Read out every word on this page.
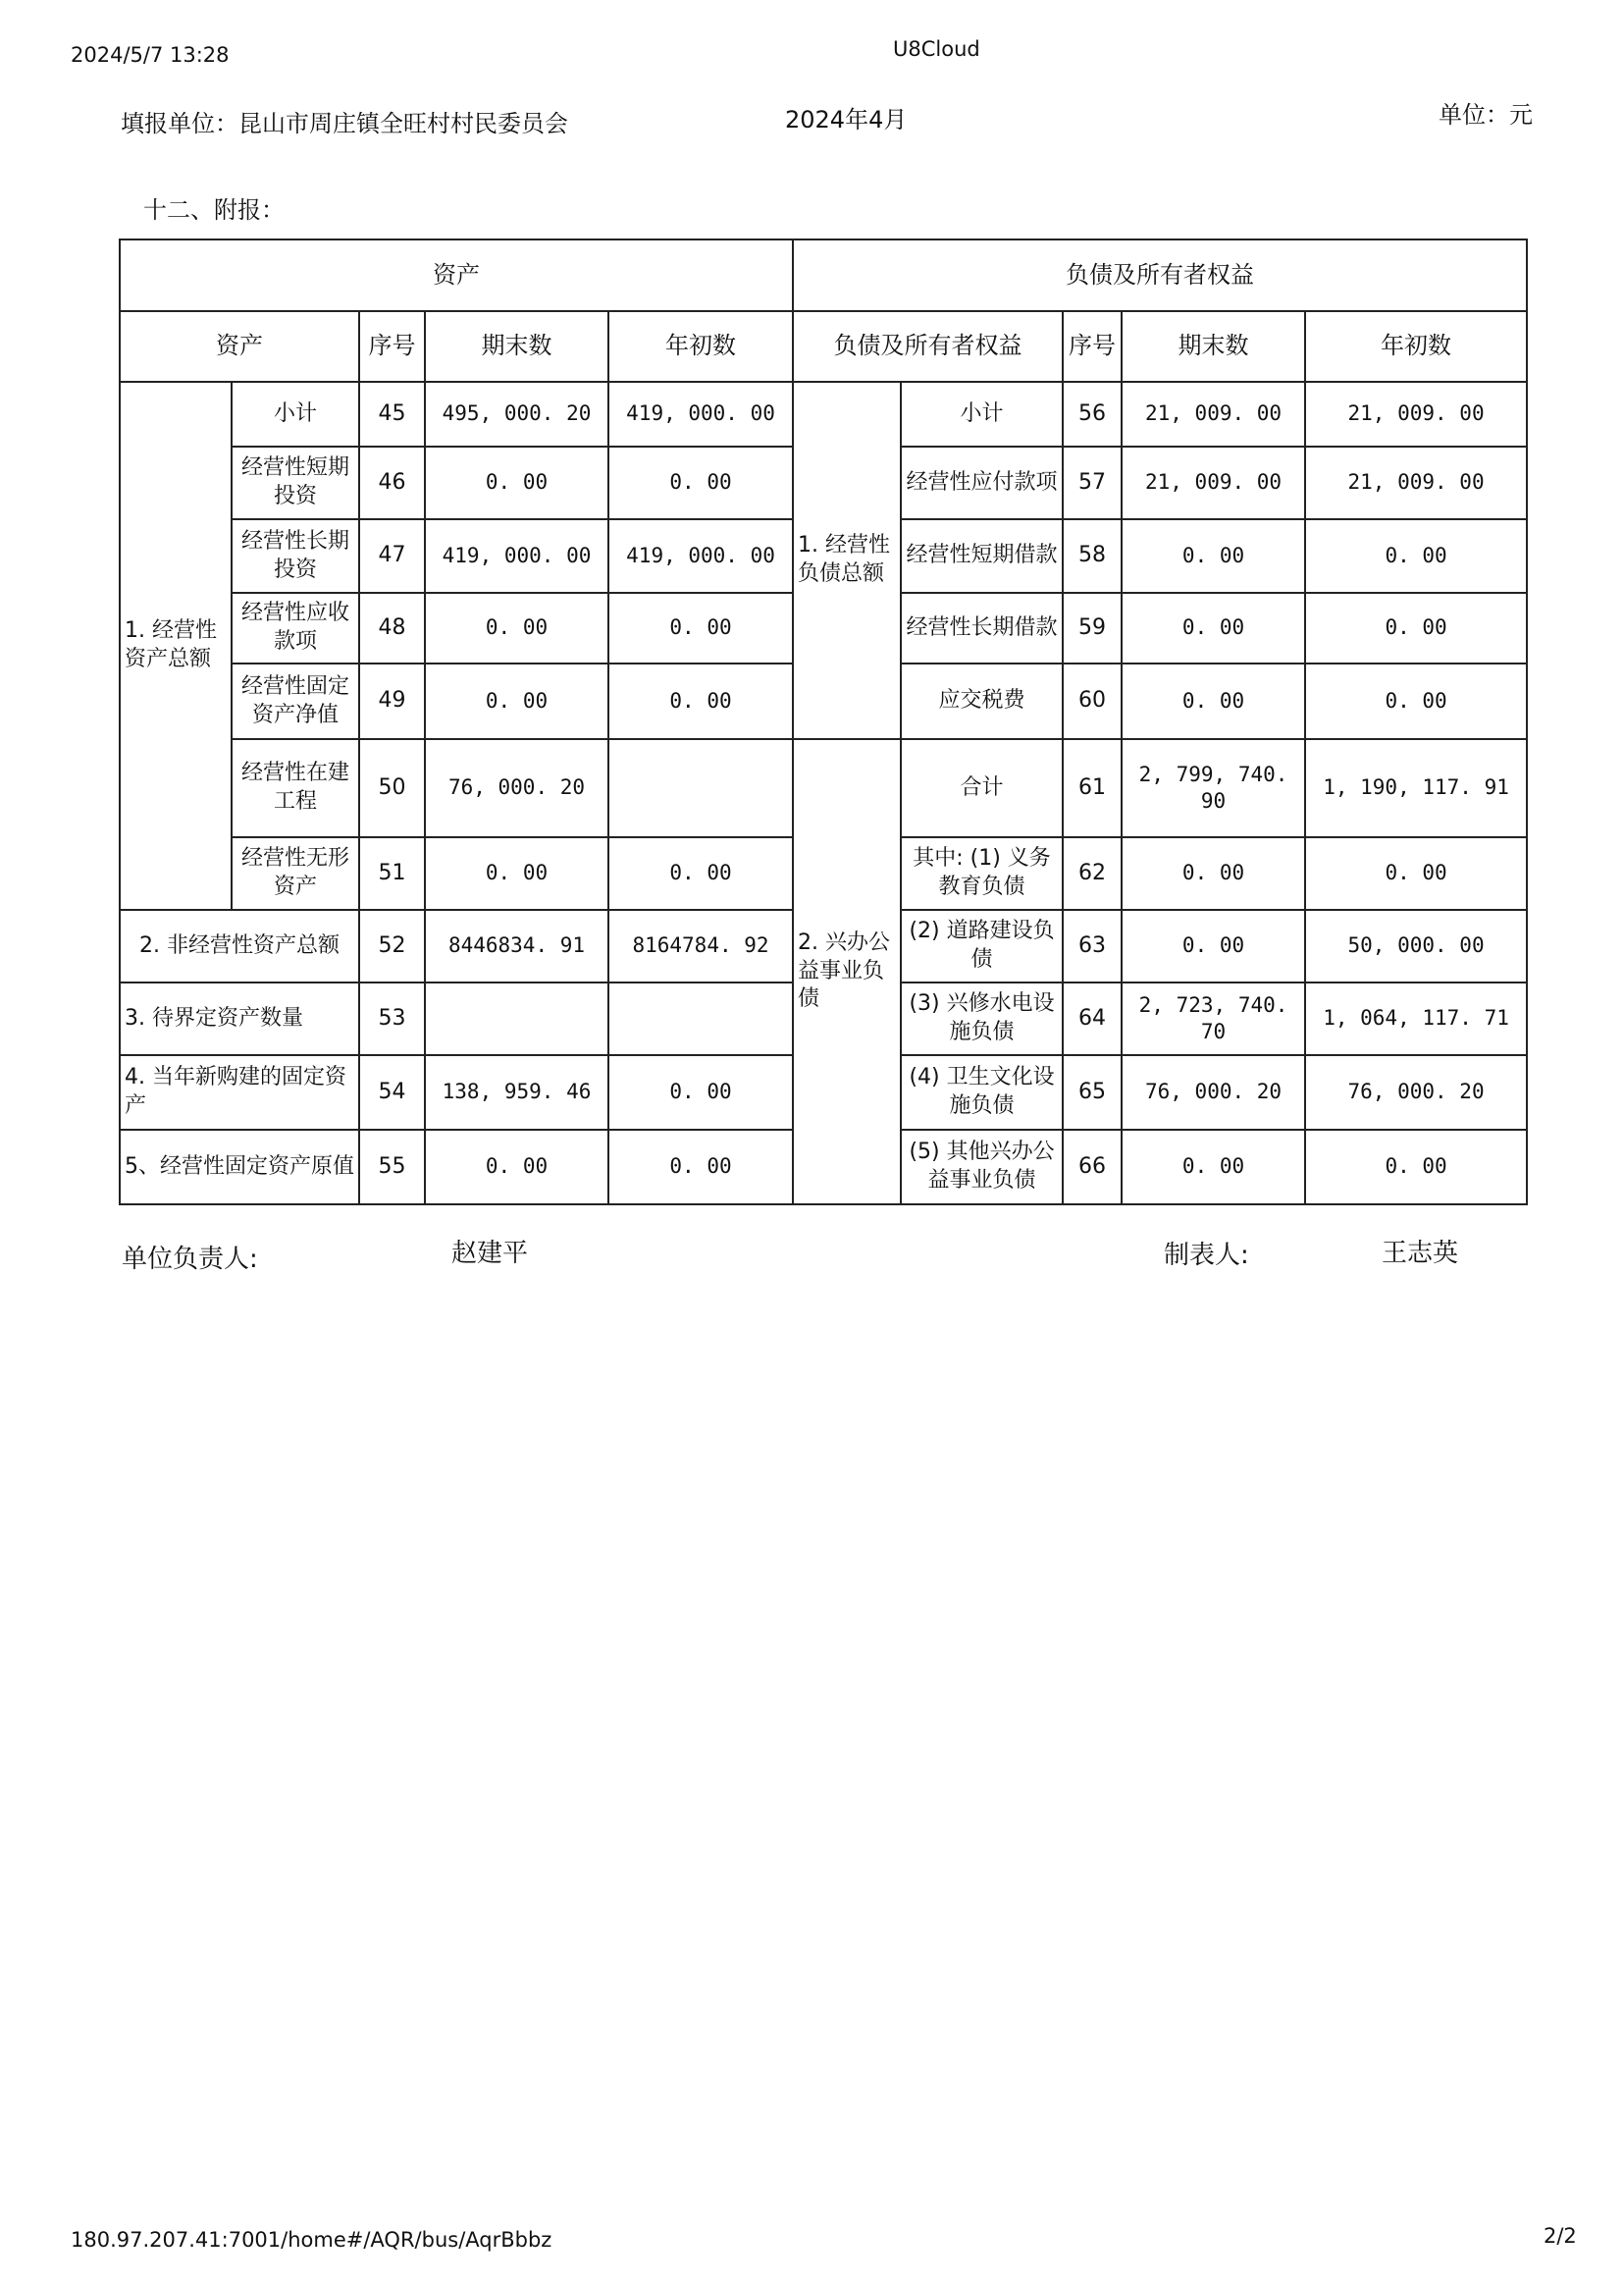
2024/5/7 13:28	U8Cloud
填报单位：昆山市周庄镇全旺村村民委员会	2024年4月	单位：元
十二、附报：
资产					负债及所有者权益				
资产		序号	期末数	年初数	负债及所有者权益		序号	期末数	年初数
1. 经营性资产总额	小计	45	495, 000. 20	419, 000. 00	1. 经营性负债总额	小计	56	21, 009. 00	21, 009. 00
	经营性短期投资	46	0. 00	0. 00		经营性应付款项	57	21, 009. 00	21, 009. 00
	经营性长期投资	47	419, 000. 00	419, 000. 00		经营性短期借款	58	0. 00	0. 00
	经营性应收款项	48	0. 00	0. 00		经营性长期借款	59	0. 00	0. 00
	经营性固定资产净值	49	0. 00	0. 00		应交税费	60	0. 00	0. 00
	经营性在建工程	50	76, 000. 20		2. 兴办公益事业负债	合计	61	2, 799, 740. 90	1, 190, 117. 91
	经营性无形资产	51	0. 00	0. 00		其中: (1) 义务教育负债	62	0. 00	0. 00
2. 非经营性资产总额		52	8446834. 91	8164784. 92		(2) 道路建设负债	63	0. 00	50, 000. 00
3. 待界定资产数量		53				(3) 兴修水电设施负债	64	2, 723, 740. 70	1, 064, 117. 71
4. 当年新购建的固定资产		54	138, 959. 46	0. 00		(4) 卫生文化设施负债	65	76, 000. 20	76, 000. 20
5、经营性固定资产原值		55	0. 00	0. 00		(5) 其他兴办公益事业负债	66	0. 00	0. 00
单位负责人:	赵建平	制表人:	王志英
180.97.207.41:7001/home#/AQR/bus/AqrBbbz	2/2
